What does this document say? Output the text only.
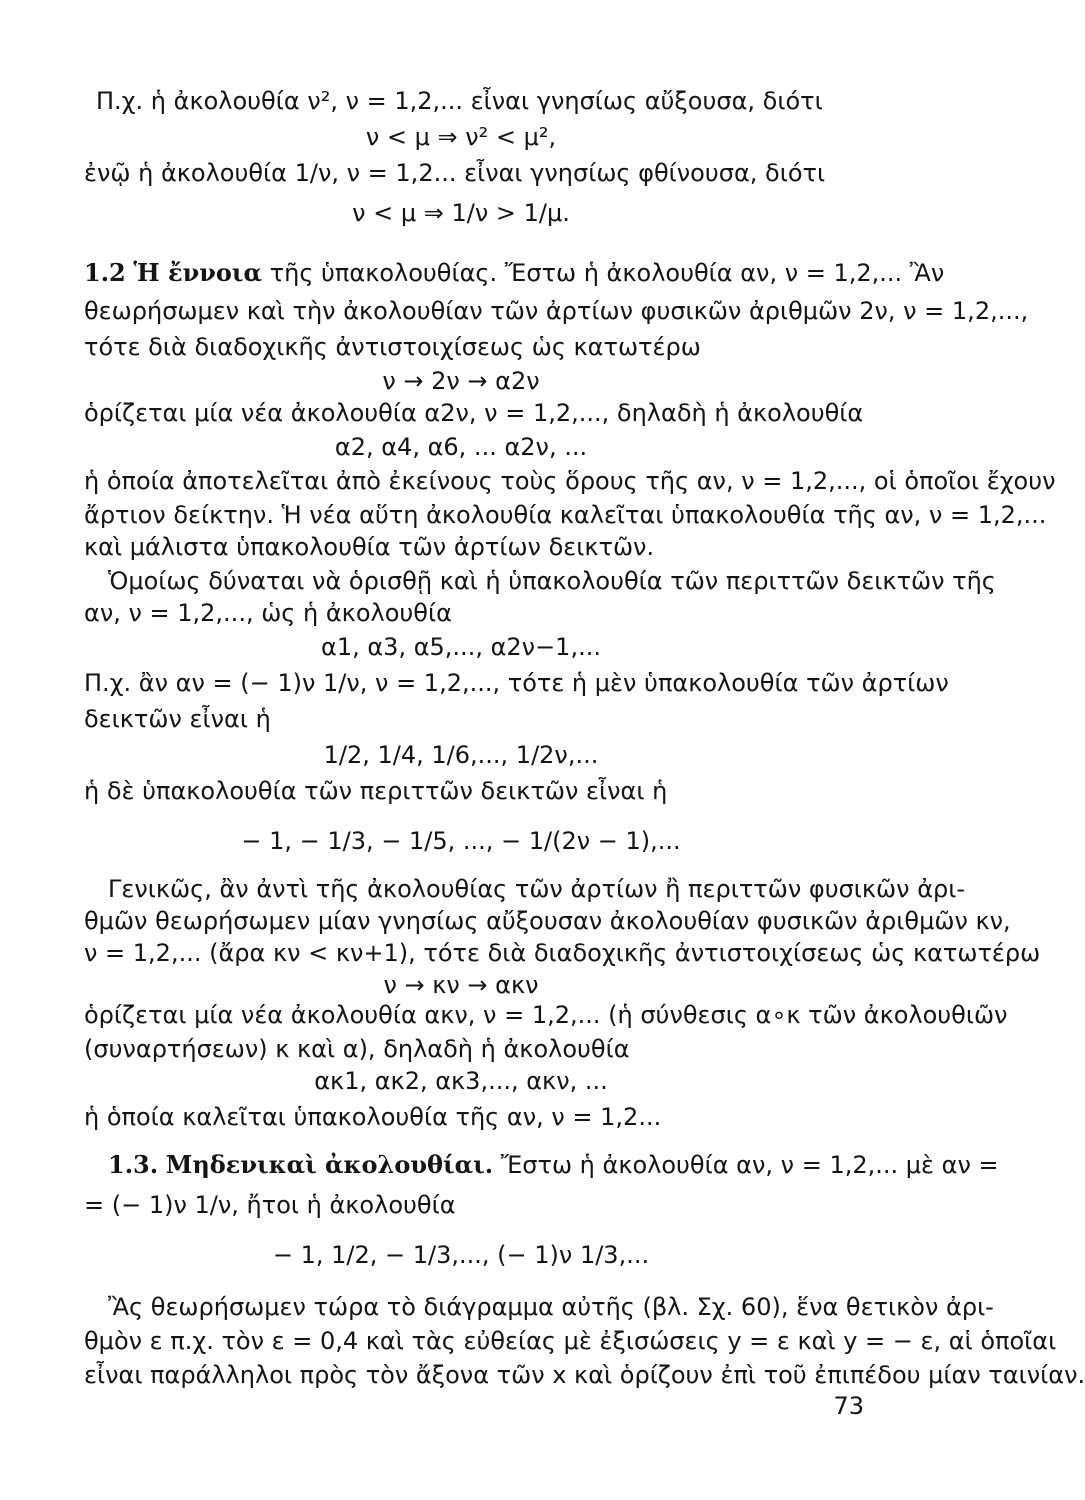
Π.χ. ἡ ἀκολουθία ν², ν = 1,2,... εἶναι γνησίως αὔξουσα, διότι
ν < μ ⇒ ν² < μ²,
ἐνῷ ἡ ἀκολουθία 1/ν, ν = 1,2... εἶναι γνησίως φθίνουσα, διότι
ν < μ ⇒ 1/ν > 1/μ.
1.2 Ἡ ἔννοια τῆς ὑπακολουθίας. Ἔστω ἡ ἀκολουθία αν, ν = 1,2,... Ἂν
θεωρήσωμεν καὶ τὴν ἀκολουθίαν τῶν ἀρτίων φυσικῶν ἀριθμῶν 2ν, ν = 1,2,...,
τότε διὰ διαδοχικῆς ἀντιστοιχίσεως ὡς κατωτέρω
ν → 2ν → α2ν
ὁρίζεται μία νέα ἀκολουθία α2ν, ν = 1,2,..., δηλαδὴ ἡ ἀκολουθία
α2, α4, α6, ... α2ν, ...
ἡ ὁποία ἀποτελεῖται ἀπὸ ἐκείνους τοὺς ὅρους τῆς αν, ν = 1,2,..., οἱ ὁποῖοι ἔχουν
ἄρτιον δείκτην. Ἡ νέα αὕτη ἀκολουθία καλεῖται ὑπακολουθία τῆς αν, ν = 1,2,...
καὶ μάλιστα ὑπακολουθία τῶν ἀρτίων δεικτῶν.
Ὁμοίως δύναται νὰ ὁρισθῇ καὶ ἡ ὑπακολουθία τῶν περιττῶν δεικτῶν τῆς
αν, ν = 1,2,..., ὡς ἡ ἀκολουθία
α1, α3, α5,..., α2ν−1,...
Π.χ. ἂν αν = (− 1)ν 1/ν, ν = 1,2,..., τότε ἡ μὲν ὑπακολουθία τῶν ἀρτίων
δεικτῶν εἶναι ἡ
1/2, 1/4, 1/6,..., 1/2ν,...
ἡ δὲ ὑπακολουθία τῶν περιττῶν δεικτῶν εἶναι ἡ
− 1, − 1/3, − 1/5, ..., − 1/(2ν − 1),...
Γενικῶς, ἂν ἀντὶ τῆς ἀκολουθίας τῶν ἀρτίων ἢ περιττῶν φυσικῶν ἀρι-
θμῶν θεωρήσωμεν μίαν γνησίως αὔξουσαν ἀκολουθίαν φυσικῶν ἀριθμῶν κν,
ν = 1,2,... (ἄρα κν < κν+1), τότε διὰ διαδοχικῆς ἀντιστοιχίσεως ὡς κατωτέρω
ν → κν → ακν
ὁρίζεται μία νέα ἀκολουθία ακν, ν = 1,2,... (ἡ σύνθεσις α∘κ τῶν ἀκολουθιῶν
(συναρτήσεων) κ καὶ α), δηλαδὴ ἡ ἀκολουθία
ακ1, ακ2, ακ3,..., ακν, ...
ἡ ὁποία καλεῖται ὑπακολουθία τῆς αν, ν = 1,2...
1.3. Μηδενικαὶ ἀκολουθίαι. Ἔστω ἡ ἀκολουθία αν, ν = 1,2,... μὲ αν =
= (− 1)ν 1/ν, ἤτοι ἡ ἀκολουθία
− 1, 1/2, − 1/3,..., (− 1)ν 1/3,...
Ἂς θεωρήσωμεν τώρα τὸ διάγραμμα αὐτῆς (βλ. Σχ. 60), ἕνα θετικὸν ἀρι-
θμὸν ε π.χ. τὸν ε = 0,4 καὶ τὰς εὐθείας μὲ ἐξισώσεις y = ε καὶ y = − ε, αἱ ὁποῖαι
εἶναι παράλληλοι πρὸς τὸν ἄξονα τῶν x καὶ ὁρίζουν ἐπὶ τοῦ ἐπιπέδου μίαν ταινίαν.
73
